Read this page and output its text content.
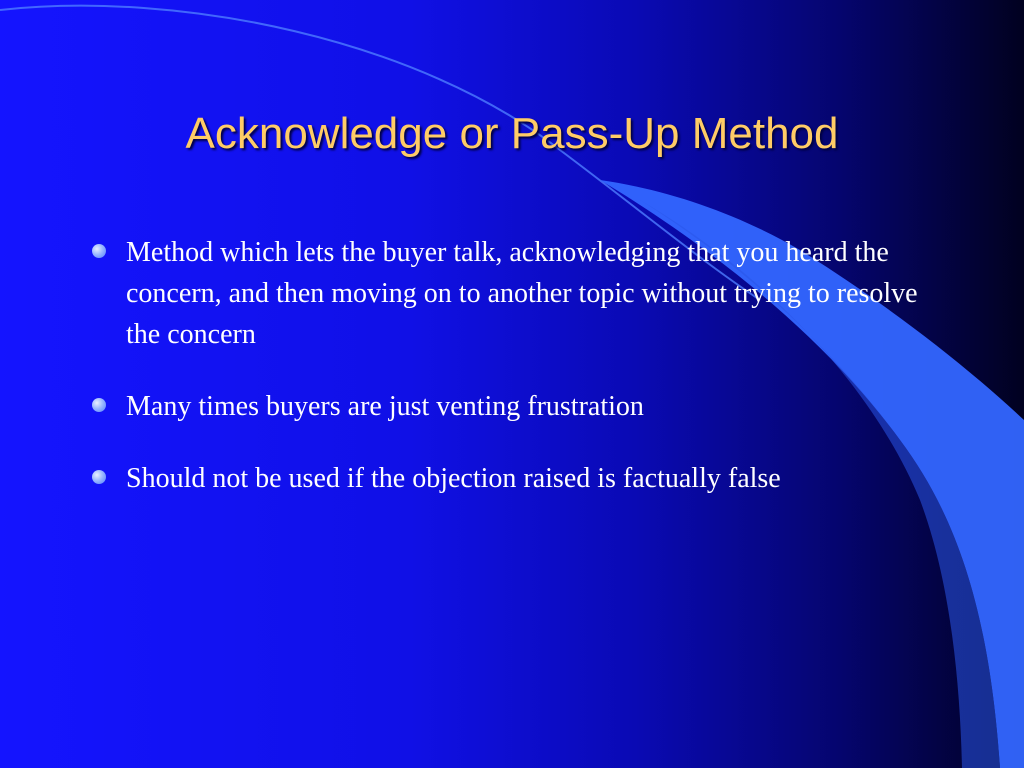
Acknowledge or Pass-Up Method
Method which lets the buyer talk, acknowledging that you heard the concern, and then moving on to another topic without trying to resolve the concern
Many times buyers are just venting frustration
Should not be used if the objection raised is factually false
